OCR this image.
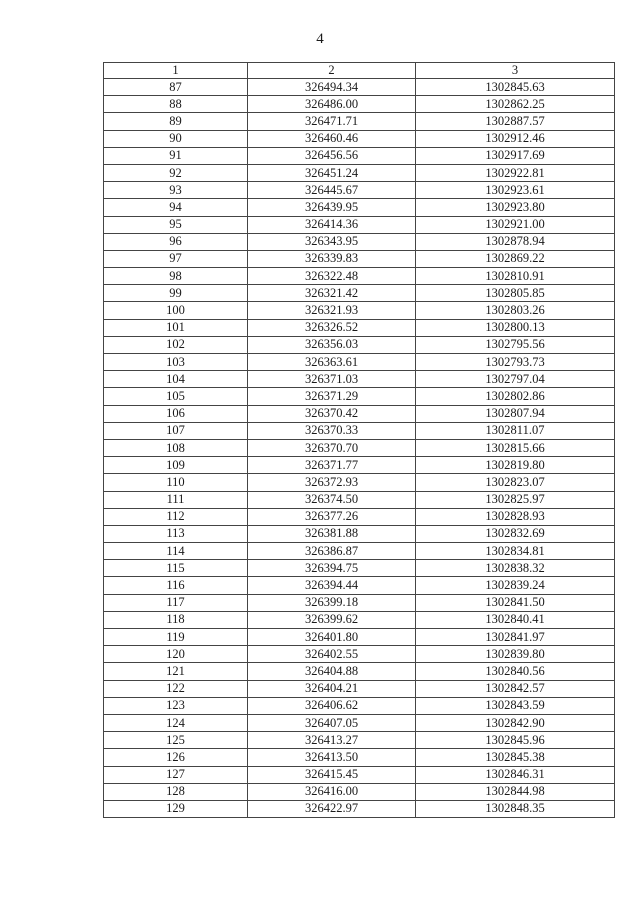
4
1	2	3
87	326494.34	1302845.63
88	326486.00	1302862.25
89	326471.71	1302887.57
90	326460.46	1302912.46
91	326456.56	1302917.69
92	326451.24	1302922.81
93	326445.67	1302923.61
94	326439.95	1302923.80
95	326414.36	1302921.00
96	326343.95	1302878.94
97	326339.83	1302869.22
98	326322.48	1302810.91
99	326321.42	1302805.85
100	326321.93	1302803.26
101	326326.52	1302800.13
102	326356.03	1302795.56
103	326363.61	1302793.73
104	326371.03	1302797.04
105	326371.29	1302802.86
106	326370.42	1302807.94
107	326370.33	1302811.07
108	326370.70	1302815.66
109	326371.77	1302819.80
110	326372.93	1302823.07
111	326374.50	1302825.97
112	326377.26	1302828.93
113	326381.88	1302832.69
114	326386.87	1302834.81
115	326394.75	1302838.32
116	326394.44	1302839.24
117	326399.18	1302841.50
118	326399.62	1302840.41
119	326401.80	1302841.97
120	326402.55	1302839.80
121	326404.88	1302840.56
122	326404.21	1302842.57
123	326406.62	1302843.59
124	326407.05	1302842.90
125	326413.27	1302845.96
126	326413.50	1302845.38
127	326415.45	1302846.31
128	326416.00	1302844.98
129	326422.97	1302848.35
